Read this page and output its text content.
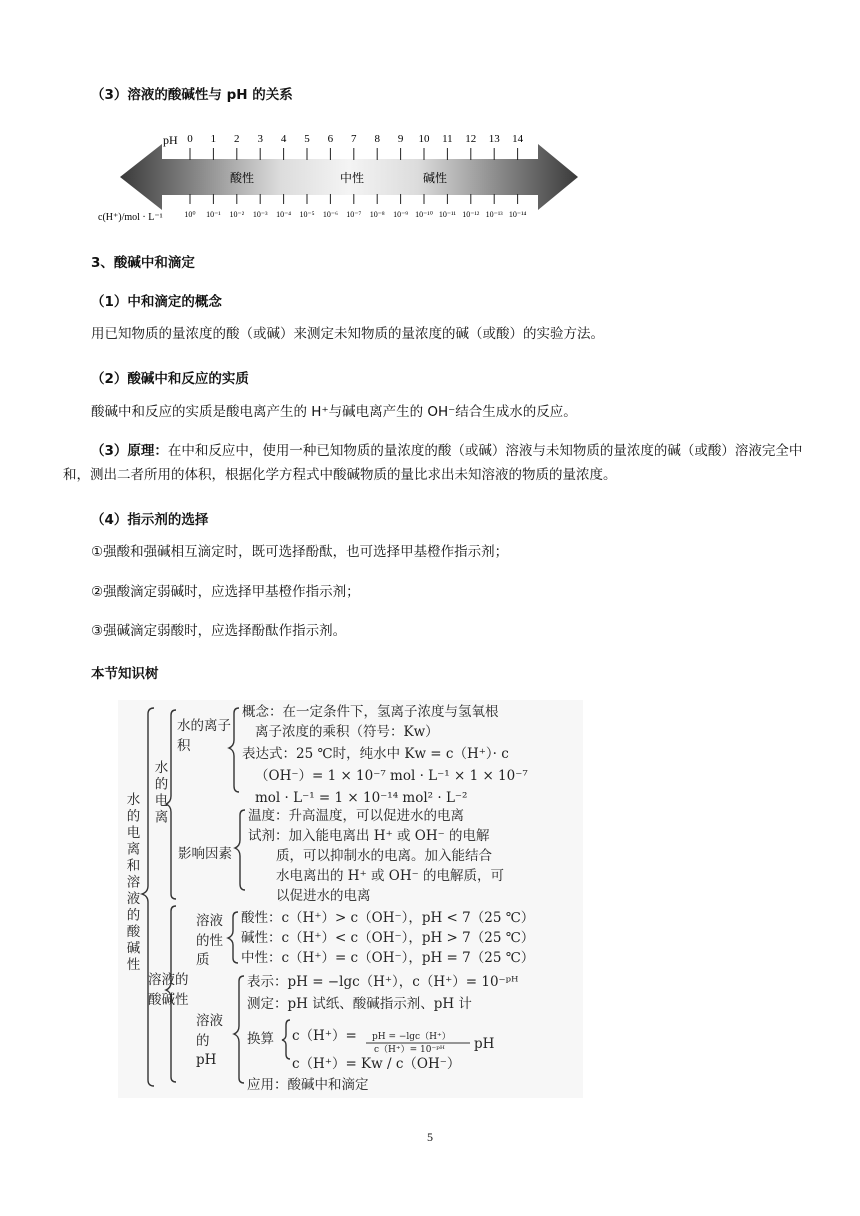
（3）溶液的酸碱性与 pH 的关系
0
10⁰
1
10⁻¹
2
10⁻²
3
10⁻³
4
10⁻⁴
5
10⁻⁵
6
10⁻⁶
7
10⁻⁷
8
10⁻⁸
9
10⁻⁹
10
10⁻¹⁰
11
10⁻¹¹
12
10⁻¹²
13
10⁻¹³
14
10⁻¹⁴
pH
酸性	中性	碱性
c(H⁺)/mol · L⁻¹
3、酸碱中和滴定
（1）中和滴定的概念
用已知物质的量浓度的酸（或碱）来测定未知物质的量浓度的碱（或酸）的实验方法。
（2）酸碱中和反应的实质
酸碱中和反应的实质是酸电离产生的 H⁺与碱电离产生的 OH⁻结合生成水的反应。
（3）原理：在中和反应中，使用一种已知物质的量浓度的酸（或碱）溶液与未知物质的量浓度的碱（或酸）溶液完全中和，测出二者所用的体积，根据化学方程式中酸碱物质的量比求出未知溶液的物质的量浓度。
（4）指示剂的选择
①强酸和强碱相互滴定时，既可选择酚酞，也可选择甲基橙作指示剂；
②强酸滴定弱碱时，应选择甲基橙作指示剂；
③强碱滴定弱酸时，应选择酚酞作指示剂。
本节知识树
水的电离和溶液的酸碱性 水的电离
水的离子积
概念：在一定条件下，氢离子浓度与氢氧根
离子浓度的乘积（符号：Kw）
表达式：25 ℃时，纯水中 Kw = c（H⁺）· c
（OH⁻）= 1 × 10⁻⁷ mol · L⁻¹ × 1 × 10⁻⁷
mol · L⁻¹ = 1 × 10⁻¹⁴ mol² · L⁻²
影响因素
温度：升高温度，可以促进水的电离
试剂：加入能电离出 H⁺ 或 OH⁻ 的电解
质，可以抑制水的电离。加入能结合
水电离出的 H⁺ 或 OH⁻ 的电解质，可
以促进水的电离
溶液的酸碱性
溶液的性质
酸性：c（H⁺）> c（OH⁻），pH < 7（25 ℃）
碱性：c（H⁺）< c（OH⁻），pH > 7（25 ℃）
中性：c（H⁺）= c（OH⁻），pH = 7（25 ℃）
溶液的 pH
表示：pH = −lgc（H⁺），c（H⁺）= 10⁻ᵖᴴ
测定：pH 试纸、酸碱指示剂、pH 计
换算 c（H⁺）= pH = −lgc（H⁺）
c（H⁺）= 10⁻ᵖᴴ pH
c（H⁺）= Kw / c（OH⁻）
应用：酸碱中和滴定
5
